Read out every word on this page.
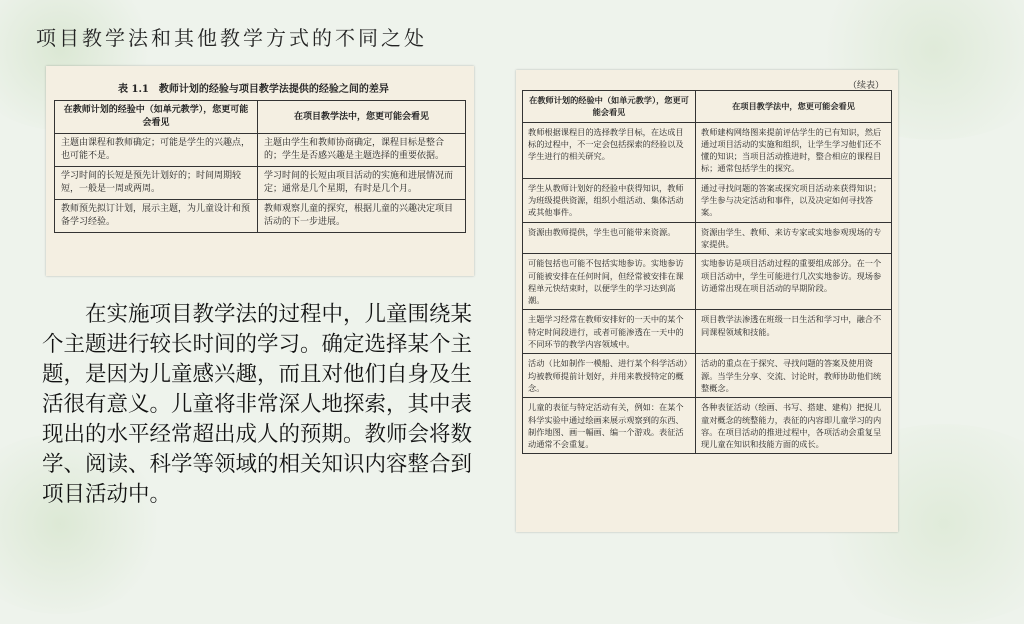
项目教学法和其他教学方式的不同之处
表 1.1　教师计划的经验与项目教学法提供的经验之间的差异
在教师计划的经验中（如单元教学），您更可能会看见	在项目教学法中，您更可能会看见
主题由课程和教师确定；可能是学生的兴趣点，也可能不是。	主题由学生和教师协商确定，课程目标是整合的；学生是否感兴趣是主题选择的重要依据。
学习时间的长短是预先计划好的；时间周期较短，一般是一周或两周。	学习时间的长短由项目活动的实施和进展情况而定；通常是几个星期，有时是几个月。
教师预先拟订计划，展示主题，为儿童设计和预备学习经验。	教师观察儿童的探究，根据儿童的兴趣决定项目活动的下一步进展。
　　在实施项目教学法的过程中，儿童围绕某个主题进行较长时间的学习。确定选择某个主题，是因为儿童感兴趣，而且对他们自身及生活很有意义。儿童将非常深人地探索，其中表现出的水平经常超出成人的预期。教师会将数学、阅读、科学等领域的相关知识内容整合到项目活动中。
（续表）
在教师计划的经验中（如单元教学），您更可能会看见	在项目教学法中，您更可能会看见
教师根据课程目的选择教学目标，在达成目标的过程中，不一定会包括探索的经验以及学生进行的相关研究。	教师建构网络图来提前评估学生的已有知识，然后通过项目活动的实施和组织，让学生学习他们还不懂的知识；当项目活动推进时，整合相应的课程目标；通常包括学生的探究。
学生从教师计划好的经验中获得知识，教师为班级提供资源，组织小组活动、集体活动或其他事件。	通过寻找问题的答案或探究项目活动来获得知识；学生参与决定活动和事件，以及决定如何寻找答案。
资源由教师提供，学生也可能带来资源。	资源由学生、教师、来访专家或实地参观现场的专家提供。
可能包括也可能不包括实地参访。实地参访可能被安排在任何时间，但经常被安排在课程单元快结束时，以便学生的学习达到高潮。	实地参访是项目活动过程的重要组成部分。在一个项目活动中，学生可能进行几次实地参访。现场参访通常出现在项目活动的早期阶段。
主题学习经常在教师安排好的一天中的某个特定时间段进行，或者可能渗透在一天中的不同环节的教学内容领域中。	项目教学法渗透在班级一日生活和学习中，融合不同课程领域和技能。
活动（比如制作一模船、进行某个科学活动）均被教师提前计划好，并用来教授特定的概念。	活动的重点在于探究、寻找问题的答案及使用资源。当学生分享、交流、讨论时，教师协助他们统整概念。
儿童的表征与特定活动有关，例如：在某个科学实验中通过绘画来展示观察到的东西、制作地图、画一幅画、编一个游戏。表征活动通常不会重复。	各种表征活动（绘画、书写、搭建、建构）把捉儿童对概念的统整能力，表征的内容即儿童学习的内容。在项目活动的推进过程中，各项活动会重复呈现儿童在知识和技能方面的成长。
